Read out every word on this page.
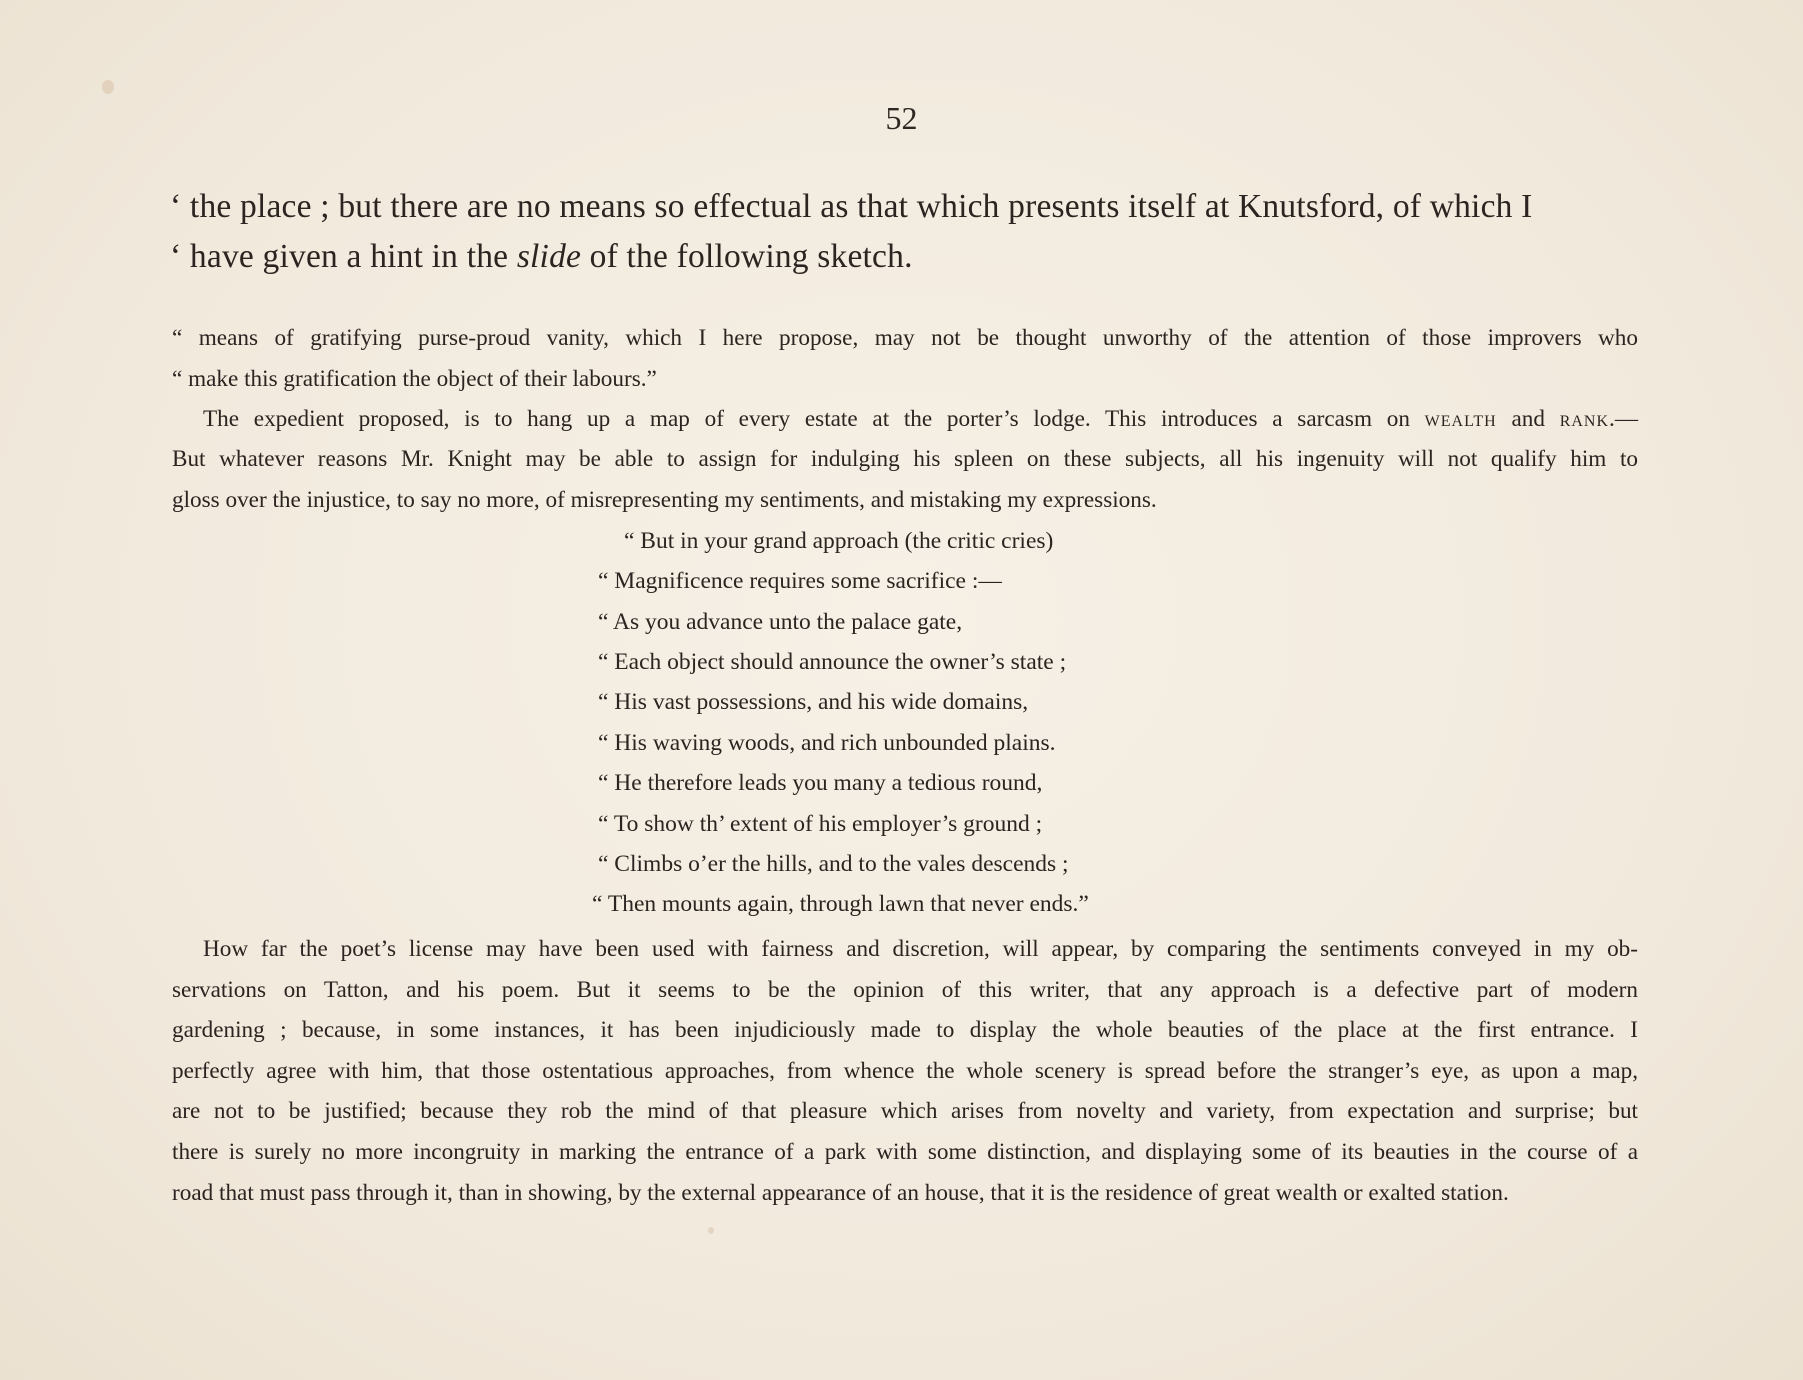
52
‘ the place ; but there are no means so effectual as that which presents itself at Knutsford, of which I
‘ have given a hint in the slide of the following sketch.
“ means of gratifying purse-proud vanity, which I here propose, may not be thought unworthy of the attention of those improvers who
“ make this gratification the object of their labours.”
The expedient proposed, is to hang up a map of every estate at the porter’s lodge. This introduces a sarcasm on wealth and rank.—
But whatever reasons Mr. Knight may be able to assign for indulging his spleen on these subjects, all his ingenuity will not qualify him to
gloss over the injustice, to say no more, of misrepresenting my sentiments, and mistaking my expressions.
“ But in your grand approach (the critic cries)
“ Magnificence requires some sacrifice :—
“ As you advance unto the palace gate,
“ Each object should announce the owner’s state ;
“ His vast possessions, and his wide domains,
“ His waving woods, and rich unbounded plains.
“ He therefore leads you many a tedious round,
“ To show th’ extent of his employer’s ground ;
“ Climbs o’er the hills, and to the vales descends ;
“ Then mounts again, through lawn that never ends.”
How far the poet’s license may have been used with fairness and discretion, will appear, by comparing the sentiments conveyed in my ob-
servations on Tatton, and his poem. But it seems to be the opinion of this writer, that any approach is a defective part of modern
gardening ; because, in some instances, it has been injudiciously made to display the whole beauties of the place at the first entrance. I
perfectly agree with him, that those ostentatious approaches, from whence the whole scenery is spread before the stranger’s eye, as upon a map,
are not to be justified; because they rob the mind of that pleasure which arises from novelty and variety, from expectation and surprise; but
there is surely no more incongruity in marking the entrance of a park with some distinction, and displaying some of its beauties in the course of a
road that must pass through it, than in showing, by the external appearance of an house, that it is the residence of great wealth or exalted station.
